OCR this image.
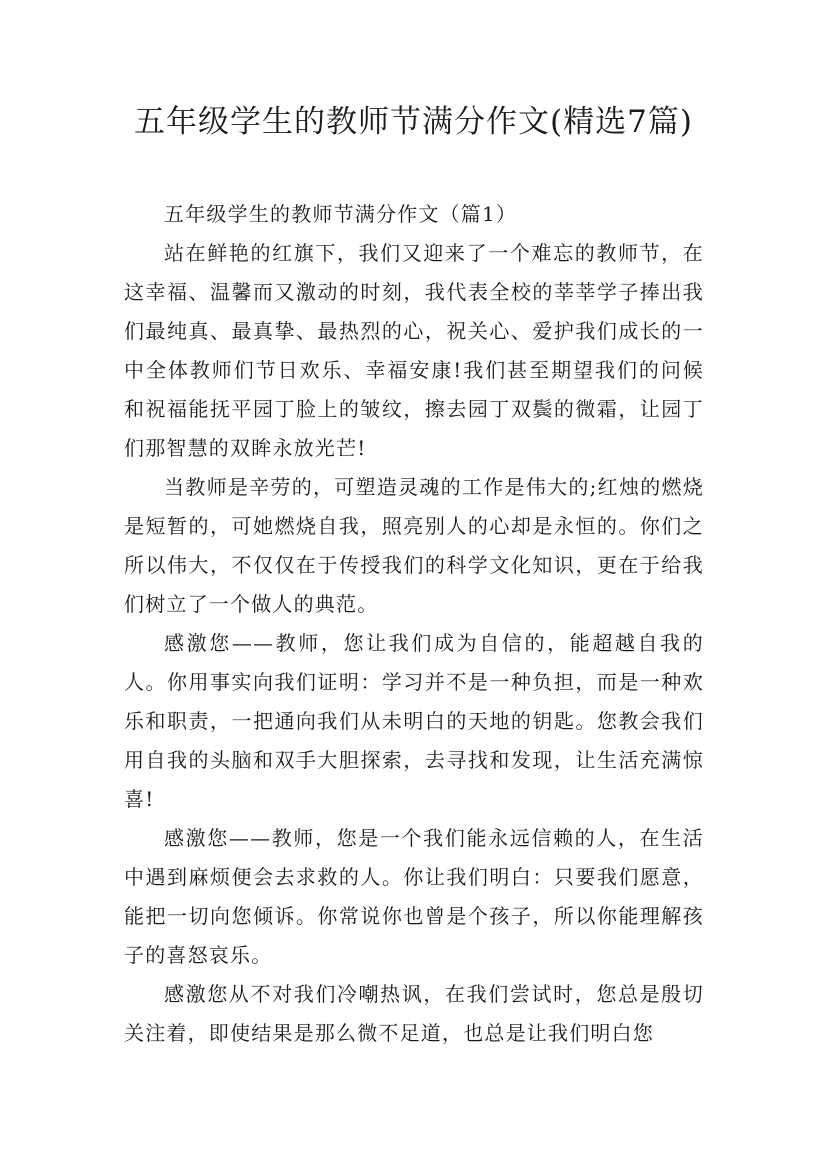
五年级学生的教师节满分作文(精选7篇)

五年级学生的教师节满分作文（篇1）

站在鲜艳的红旗下，我们又迎来了一个难忘的教师节，在这幸福、温馨而又激动的时刻，我代表全校的莘莘学子捧出我们最纯真、最真挚、最热烈的心，祝关心、爱护我们成长的一中全体教师们节日欢乐、幸福安康!我们甚至期望我们的问候和祝福能抚平园丁脸上的皱纹，擦去园丁双鬓的微霜，让园丁们那智慧的双眸永放光芒!

当教师是辛劳的，可塑造灵魂的工作是伟大的;红烛的燃烧是短暂的，可她燃烧自我，照亮别人的心却是永恒的。你们之所以伟大，不仅仅在于传授我们的科学文化知识，更在于给我们树立了一个做人的典范。

感激您——教师，您让我们成为自信的，能超越自我的人。你用事实向我们证明：学习并不是一种负担，而是一种欢乐和职责，一把通向我们从未明白的天地的钥匙。您教会我们用自我的头脑和双手大胆探索，去寻找和发现，让生活充满惊喜!

感激您——教师，您是一个我们能永远信赖的人，在生活中遇到麻烦便会去求救的人。你让我们明白：只要我们愿意，能把一切向您倾诉。你常说你也曾是个孩子，所以你能理解孩子的喜怒哀乐。

感激您从不对我们冷嘲热讽，在我们尝试时，您总是殷切关注着，即使结果是那么微不足道，也总是让我们明白您
